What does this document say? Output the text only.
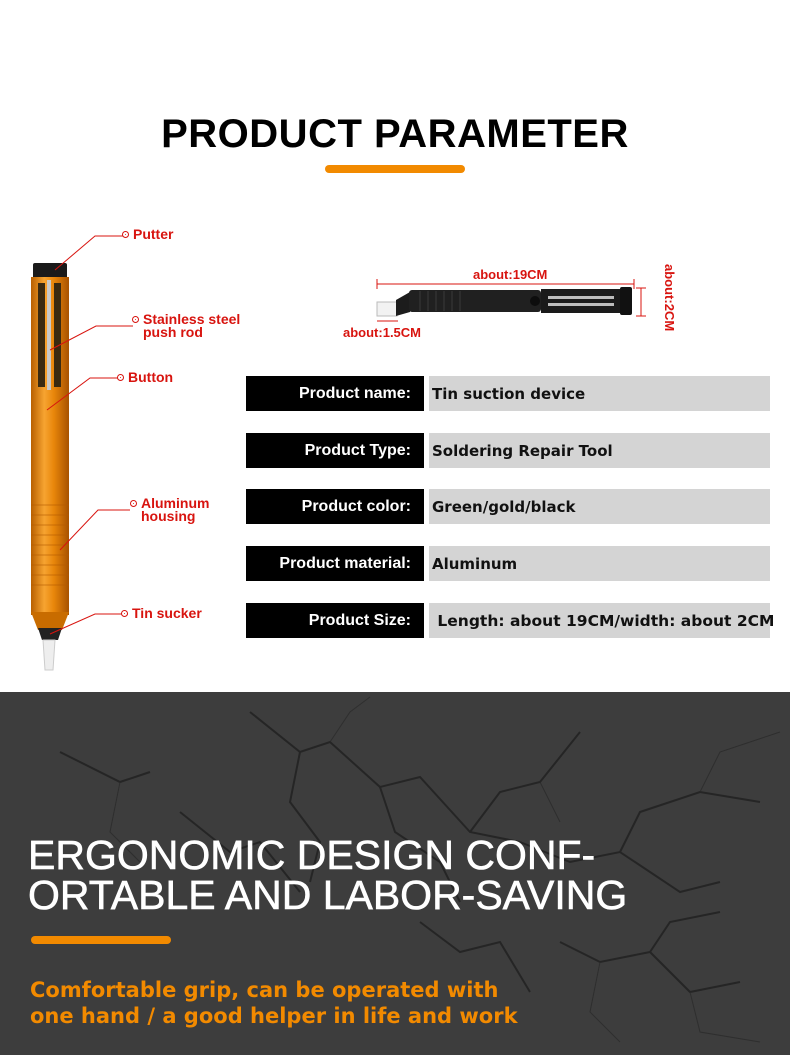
PRODUCT PARAMETER
Putter
Stainless steel
push rod
Button
Aluminum
housing
Tin sucker
about:19CM
about:1.5CM
about:2CM
Product name:	Tin suction device
Product Type:	Soldering Repair Tool
Product color:	Green/gold/black
Product material:	Aluminum
Product Size:	Length: about 19CM/width: about 2CM
ERGONOMIC DESIGN CONF-
ORTABLE AND LABOR-SAVING
Comfortable grip, can be operated with
one hand / a good helper in life and work
